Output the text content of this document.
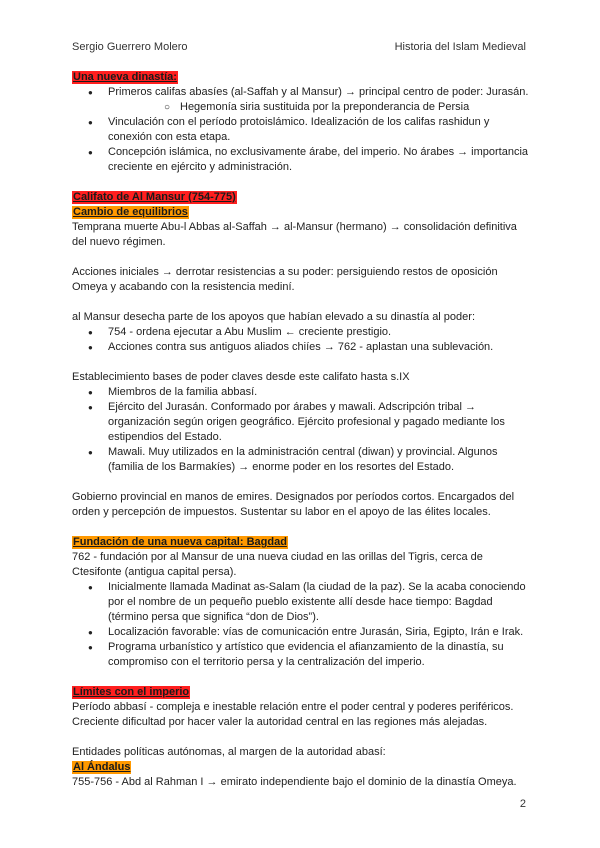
Sergio Guerrero Molero	Historia del Islam Medieval
Una nueva dinastía:
● Primeros califas abasíes (al-Saffah y al Mansur) → principal centro de poder: Jurasán.
○ Hegemonía siria sustituida por la preponderancia de Persia
● Vinculación con el período protoislámico. Idealización de los califas rashidun y conexión con esta etapa.
● Concepción islámica, no exclusivamente árabe, del imperio. No árabes → importancia creciente en ejército y administración.
Califato de Al Mansur (754-775)
Cambio de equilibrios

Temprana muerte Abu-l Abbas al-Saffah → al-Mansur (hermano) → consolidación definitiva del nuevo régimen.

Acciones iniciales → derrotar resistencias a su poder: persiguiendo restos de oposición Omeya y acabando con la resistencia mediní.

al Mansur desecha parte de los apoyos que habían elevado a su dinastía al poder:

● 754 - ordena ejecutar a Abu Muslim ← creciente prestigio.
● Acciones contra sus antiguos aliados chiíes → 762 - aplastan una sublevación.

Establecimiento bases de poder claves desde este califato hasta s.IX

● Miembros de la familia abbasí.
● Ejército del Jurasán. Conformado por árabes y mawali. Adscripción tribal → organización según origen geográfico. Ejército profesional y pagado mediante los estipendios del Estado.
● Mawali. Muy utilizados en la administración central (diwan) y provincial. Algunos (familia de los Barmakíes) → enorme poder en los resortes del Estado.

Gobierno provincial en manos de emires. Designados por períodos cortos. Encargados del orden y percepción de impuestos. Sustentar su labor en el apoyo de las élites locales.

Fundación de una nueva capital: Bagdad

762 - fundación por al Mansur de una nueva ciudad en las orillas del Tigris, cerca de Ctesifonte (antigua capital persa).

● Inicialmente llamada Madinat as-Salam (la ciudad de la paz). Se la acaba conociendo por el nombre de un pequeño pueblo existente allí desde hace tiempo: Bagdad (término persa que significa “don de Dios”).
● Localización favorable: vías de comunicación entre Jurasán, Siria, Egipto, Irán e Irak.
● Programa urbanístico y artístico que evidencia el afianzamiento de la dinastía, su compromiso con el territorio persa y la centralización del imperio.
Límites con el imperio

Período abbasí - compleja e inestable relación entre el poder central y poderes periféricos. Creciente dificultad por hacer valer la autoridad central en las regiones más alejadas.

Entidades políticas autónomas, al margen de la autoridad abasí:

Al Ándalus

755-756 - Abd al Rahman I → emirato independiente bajo el dominio de la dinastía Omeya.

2
